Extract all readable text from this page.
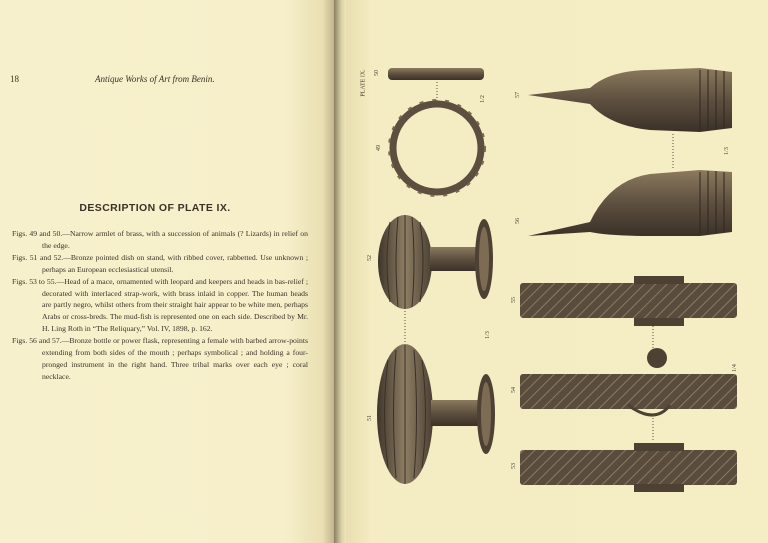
18	Antique Works of Art from Benin.
DESCRIPTION OF PLATE IX.

Figs. 49 and 50.—Narrow armlet of brass, with a succession of animals (? Lizards) in relief on the edge.

Figs. 51 and 52.—Bronze pointed dish on stand, with ribbed cover, rabbetted. Use unknown ; perhaps an European ecclesiastical utensil.

Figs. 53 to 55.—Head of a mace, ornamented with leopard and keepers and heads in bas-relief ; decorated with interlaced strap-work, with brass inlaid in copper. The human heads are partly negro, whilst others from their straight hair appear to be white men, perhaps Arabs or cross-breds. The mud-fish is represented one on each side. Described by Mr. H. Ling Roth in “The Reliquary,” Vol. IV, 1898, p. 162.

Figs. 56 and 57.—Bronze bottle or power flask, representing a female with barbed arrow-points extending from both sides of the mouth ; perhaps symbolical ; and holding a four-pronged instrument in the right hand. Three tribal marks over each eye ; coral necklace.

PLATE IX. 50
49
52
51
57
56
55
54
53
1/2
1/3
1/3
1/4
